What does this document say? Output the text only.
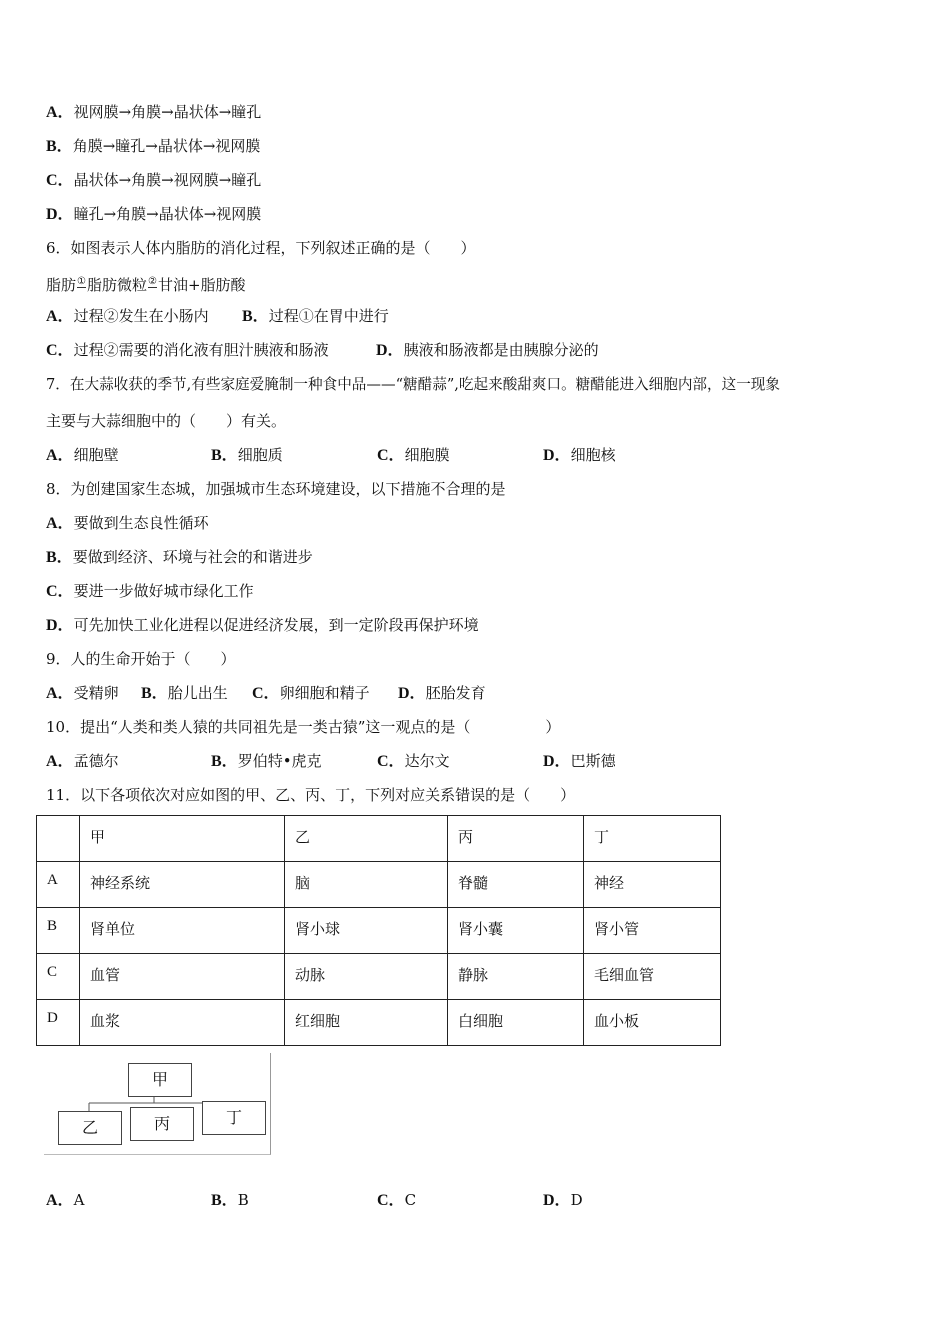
A．视网膜→角膜→晶状体→瞳孔
B．角膜→瞳孔→晶状体→视网膜
C．晶状体→角膜→视网膜→瞳孔
D．瞳孔→角膜→晶状体→视网膜
6．如图表示人体内脂肪的消化过程，下列叙述正确的是（　　）
脂肪①脂肪微粒②甘油+脂肪酸
A．过程②发生在小肠内 B．过程①在胃中进行
C．过程②需要的消化液有胆汁胰液和肠液	D．胰液和肠液都是由胰腺分泌的
7．在大蒜收获的季节,有些家庭爱腌制一种食中品——“糖醋蒜”,吃起来酸甜爽口。糖醋能进入细胞内部，这一现象
主要与大蒜细胞中的（　　）有关。
A．细胞壁	B．细胞质	C．细胞膜	D．细胞核
8．为创建国家生态城，加强城市生态环境建设，以下措施不合理的是
A．要做到生态良性循环
B．要做到经济、环境与社会的和谐进步
C．要进一步做好城市绿化工作
D．可先加快工业化进程以促进经济发展，到一定阶段再保护环境
9．人的生命开始于（　　）
A．受精卵 B．胎儿出生 C．卵细胞和精子 D．胚胎发育
10．提出“人类和类人猿的共同祖先是一类古猿”这一观点的是（　　　　　）
A．孟德尔	B．罗伯特•虎克	C．达尔文	D．巴斯德
11．以下各项依次对应如图的甲、乙、丙、丁，下列对应关系错误的是（　　）
	甲	乙	丙	丁
A	神经系统	脑	脊髓	神经
B	肾单位	肾小球	肾小囊	肾小管
C	血管	动脉	静脉	毛细血管
D	血浆	红细胞	白细胞	血小板
甲
乙	丙	丁
A．A	B．B	C．C	D．D
